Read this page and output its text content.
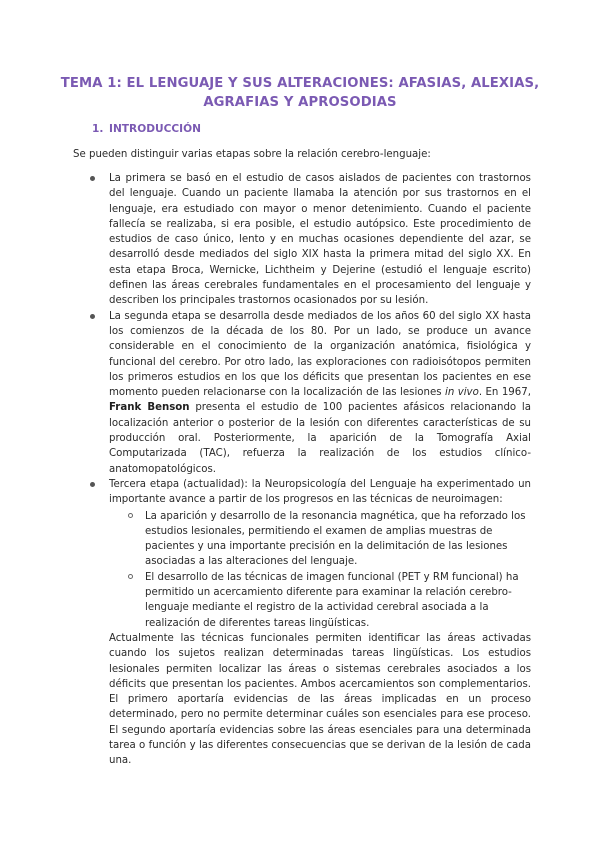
TEMA 1: EL LENGUAJE Y SUS ALTERACIONES: AFASIAS, ALEXIAS,
AGRAFIAS Y APROSODIAS
1. INTRODUCCIÓN
Se pueden distinguir varias etapas sobre la relación cerebro-lenguaje:
La primera se basó en el estudio de casos aislados de pacientes con trastornos del lenguaje. Cuando un paciente llamaba la atención por sus trastornos en el lenguaje, era estudiado con mayor o menor detenimiento. Cuando el paciente fallecía se realizaba, si era posible, el estudio autópsico. Este procedimiento de estudios de caso único, lento y en muchas ocasiones dependiente del azar, se desarrolló desde mediados del siglo XIX hasta la primera mitad del siglo XX. En esta etapa Broca, Wernicke, Lichtheim y Dejerine (estudió el lenguaje escrito) definen las áreas cerebrales fundamentales en el procesamiento del lenguaje y describen los principales trastornos ocasionados por su lesión.
La segunda etapa se desarrolla desde mediados de los años 60 del siglo XX hasta los comienzos de la década de los 80. Por un lado, se produce un avance considerable en el conocimiento de la organización anatómica, fisiológica y funcional del cerebro. Por otro lado, las exploraciones con radioisótopos permiten los primeros estudios en los que los déficits que presentan los pacientes en ese momento pueden relacionarse con la localización de las lesiones in vivo. En 1967, Frank Benson presenta el estudio de 100 pacientes afásicos relacionando la localización anterior o posterior de la lesión con diferentes características de su producción oral. Posteriormente, la aparición de la Tomografía Axial Computarizada (TAC), refuerza la realización de los estudios clínico-anatomopatológicos.
Tercera etapa (actualidad): la Neuropsicología del Lenguaje ha experimentado un importante avance a partir de los progresos en las técnicas de neuroimagen:
La aparición y desarrollo de la resonancia magnética, que ha reforzado los estudios lesionales, permitiendo el examen de amplias muestras de pacientes y una importante precisión en la delimitación de las lesiones asociadas a las alteraciones del lenguaje.
El desarrollo de las técnicas de imagen funcional (PET y RM funcional) ha permitido un acercamiento diferente para examinar la relación cerebro-lenguaje mediante el registro de la actividad cerebral asociada a la realización de diferentes tareas lingüísticas.
Actualmente las técnicas funcionales permiten identificar las áreas activadas cuando los sujetos realizan determinadas tareas lingüísticas. Los estudios lesionales permiten localizar las áreas o sistemas cerebrales asociados a los déficits que presentan los pacientes. Ambos acercamientos son complementarios. El primero aportaría evidencias de las áreas implicadas en un proceso determinado, pero no permite determinar cuáles son esenciales para ese proceso. El segundo aportaría evidencias sobre las áreas esenciales para una determinada tarea o función y las diferentes consecuencias que se derivan de la lesión de cada una.
